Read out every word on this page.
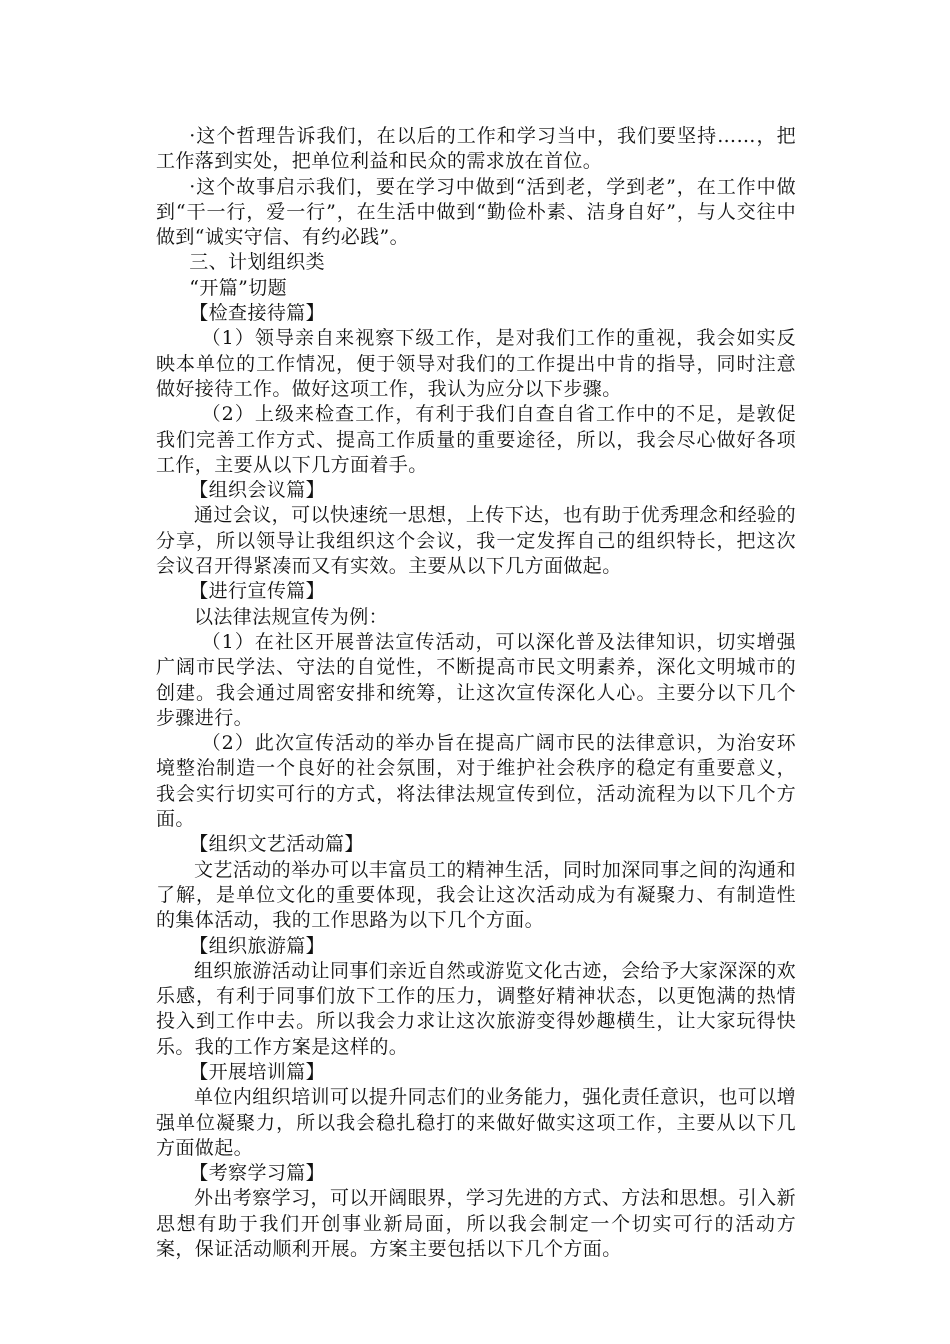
·这个哲理告诉我们，在以后的工作和学习当中，我们要坚持……，把工作落到实处，把单位利益和民众的需求放在首位。

·这个故事启示我们，要在学习中做到“活到老，学到老”，在工作中做到“干一行，爱一行”，在生活中做到“勤俭朴素、洁身自好”，与人交往中做到“诚实守信、有约必践”。

三、计划组织类

“开篇”切题

【检查接待篇】

（1）领导亲自来视察下级工作，是对我们工作的重视，我会如实反映本单位的工作情况，便于领导对我们的工作提出中肯的指导，同时注意做好接待工作。做好这项工作，我认为应分以下步骤。

（2）上级来检查工作，有利于我们自查自省工作中的不足，是敦促我们完善工作方式、提高工作质量的重要途径，所以，我会尽心做好各项工作，主要从以下几方面着手。

【组织会议篇】

通过会议，可以快速统一思想，上传下达，也有助于优秀理念和经验的分享，所以领导让我组织这个会议，我一定发挥自己的组织特长，把这次会议召开得紧凑而又有实效。主要从以下几方面做起。

【进行宣传篇】

以法律法规宣传为例：

（1）在社区开展普法宣传活动，可以深化普及法律知识，切实增强广阔市民学法、守法的自觉性，不断提高市民文明素养，深化文明城市的创建。我会通过周密安排和统筹，让这次宣传深化人心。主要分以下几个步骤进行。

（2）此次宣传活动的举办旨在提高广阔市民的法律意识，为治安环境整治制造一个良好的社会氛围，对于维护社会秩序的稳定有重要意义，我会实行切实可行的方式，将法律法规宣传到位，活动流程为以下几个方面。

【组织文艺活动篇】

文艺活动的举办可以丰富员工的精神生活，同时加深同事之间的沟通和了解，是单位文化的重要体现，我会让这次活动成为有凝聚力、有制造性的集体活动，我的工作思路为以下几个方面。

【组织旅游篇】

组织旅游活动让同事们亲近自然或游览文化古迹，会给予大家深深的欢乐感，有利于同事们放下工作的压力，调整好精神状态，以更饱满的热情投入到工作中去。所以我会力求让这次旅游变得妙趣横生，让大家玩得快乐。我的工作方案是这样的。

【开展培训篇】

单位内组织培训可以提升同志们的业务能力，强化责任意识，也可以增强单位凝聚力，所以我会稳扎稳打的来做好做实这项工作，主要从以下几方面做起。

【考察学习篇】

外出考察学习，可以开阔眼界，学习先进的方式、方法和思想。引入新思想有助于我们开创事业新局面，所以我会制定一个切实可行的活动方案，保证活动顺利开展。方案主要包括以下几个方面。
